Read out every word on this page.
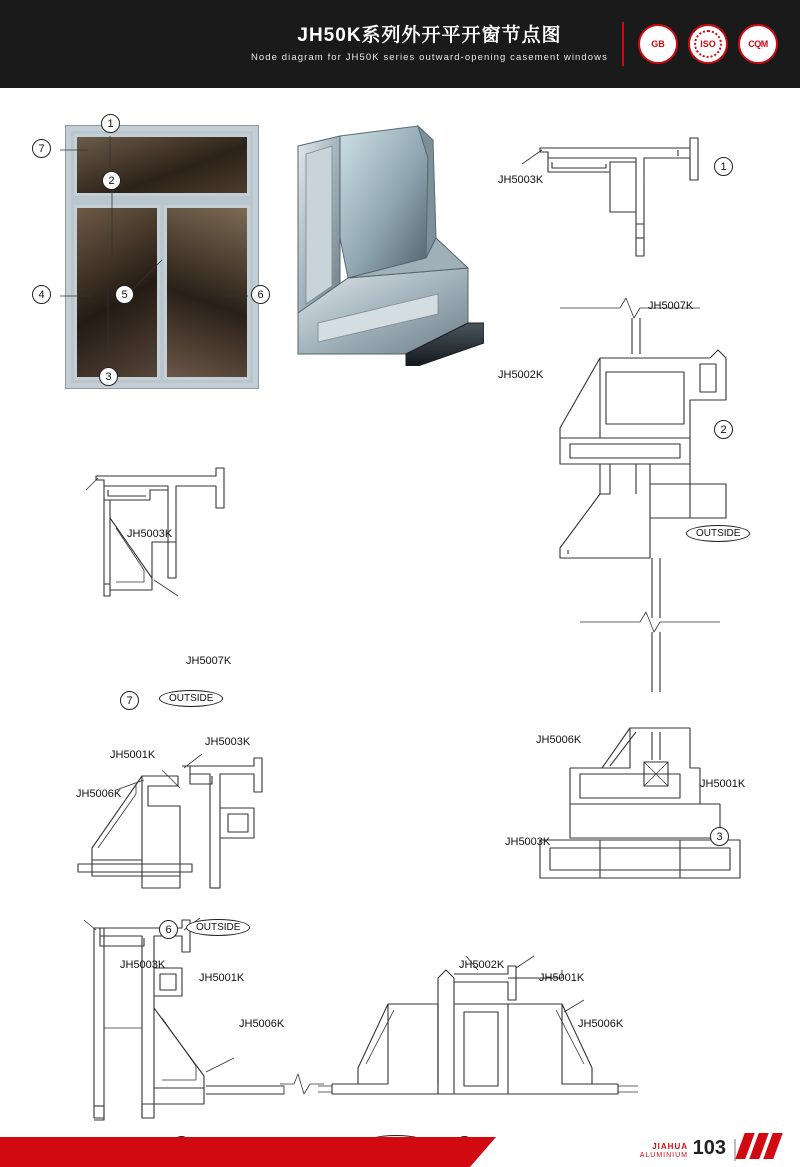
JH50K系列外开平开窗节点图
Node diagram for JH50K series outward-opening casement windows
GB	ISO	CQM
1
2
3
4	5	6
7
JH5003K
1
JH5007K
JH5002K
2
OUTSIDE
JH5006K
JH5001K
JH5003K	3
JH5003K
JH5007K
7	OUTSIDE
JH5001K
JH5003K
JH5006K
6	OUTSIDE
JH5003K
JH5001K
JH5006K
JH5002K
JH5001K
JH5006K
JIAHUA
ALUMINIUM 103
